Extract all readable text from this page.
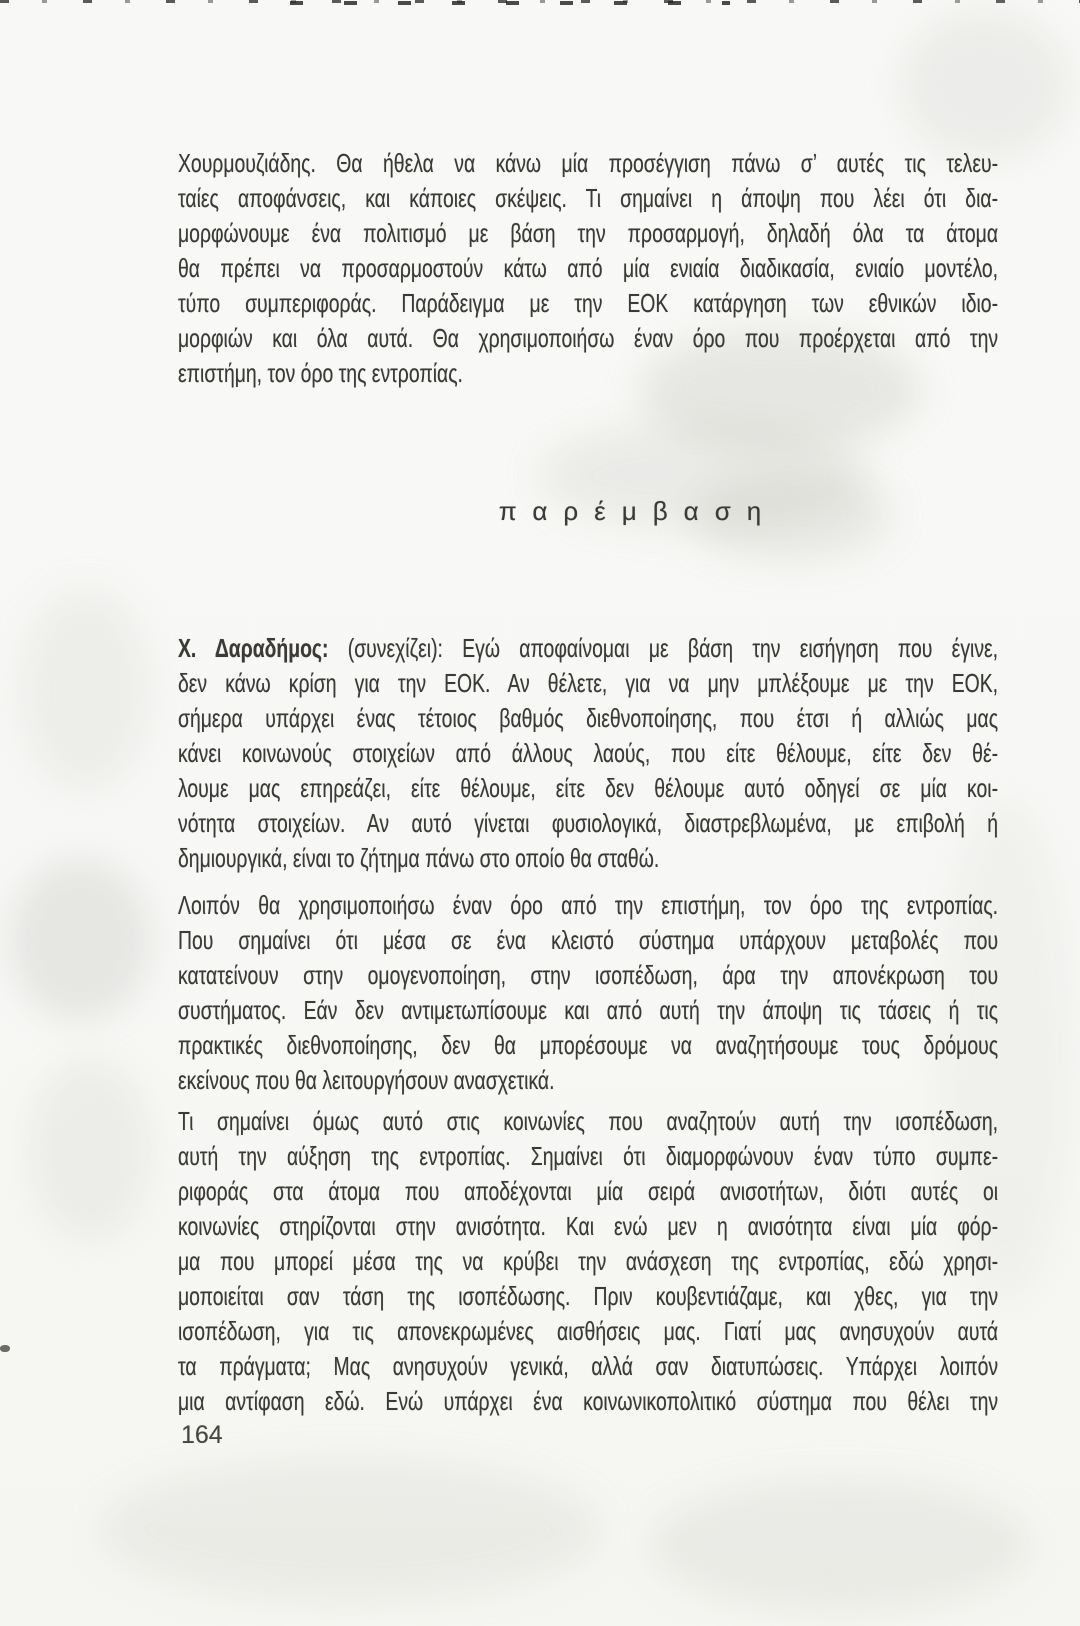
Χουρμουζιάδης. Θα ήθελα να κάνω μία προσέγγιση πάνω σ’ αυτές τις τελευ-
ταίες αποφάνσεις, και κάποιες σκέψεις. Τι σημαίνει η άποψη που λέει ότι δια-
μορφώνουμε ένα πολιτισμό με βάση την προσαρμογή, δηλαδή όλα τα άτομα
θα πρέπει να προσαρμοστούν κάτω από μία ενιαία διαδικασία, ενιαίο μοντέλο,
τύπο συμπεριφοράς. Παράδειγμα με την ΕΟΚ κατάργηση των εθνικών ιδιο-
μορφιών και όλα αυτά. Θα χρησιμοποιήσω έναν όρο που προέρχεται από την
επιστήμη, τον όρο της εντροπίας.
παρέμβαση
Χ. Δαραδήμος: (συνεχίζει): Εγώ αποφαίνομαι με βάση την εισήγηση που έγινε,
δεν κάνω κρίση για την ΕΟΚ. Αν θέλετε, για να μην μπλέξουμε με την ΕΟΚ,
σήμερα υπάρχει ένας τέτοιος βαθμός διεθνοποίησης, που έτσι ή αλλιώς μας
κάνει κοινωνούς στοιχείων από άλλους λαούς, που είτε θέλουμε, είτε δεν θέ-
λουμε μας επηρεάζει, είτε θέλουμε, είτε δεν θέλουμε αυτό οδηγεί σε μία κοι-
νότητα στοιχείων. Αν αυτό γίνεται φυσιολογικά, διαστρεβλωμένα, με επιβολή ή
δημιουργικά, είναι το ζήτημα πάνω στο οποίο θα σταθώ.
Λοιπόν θα χρησιμοποιήσω έναν όρο από την επιστήμη, τον όρο της εντροπίας.
Που σημαίνει ότι μέσα σε ένα κλειστό σύστημα υπάρχουν μεταβολές που
κατατείνουν στην ομογενοποίηση, στην ισοπέδωση, άρα την απονέκρωση του
συστήματος. Εάν δεν αντιμετωπίσουμε και από αυτή την άποψη τις τάσεις ή τις
πρακτικές διεθνοποίησης, δεν θα μπορέσουμε να αναζητήσουμε τους δρόμους
εκείνους που θα λειτουργήσουν ανασχετικά.
Τι σημαίνει όμως αυτό στις κοινωνίες που αναζητούν αυτή την ισοπέδωση,
αυτή την αύξηση της εντροπίας. Σημαίνει ότι διαμορφώνουν έναν τύπο συμπε-
ριφοράς στα άτομα που αποδέχονται μία σειρά ανισοτήτων, διότι αυτές οι
κοινωνίες στηρίζονται στην ανισότητα. Και ενώ μεν η ανισότητα είναι μία φόρ-
μα που μπορεί μέσα της να κρύβει την ανάσχεση της εντροπίας, εδώ χρησι-
μοποιείται σαν τάση της ισοπέδωσης. Πριν κουβεντιάζαμε, και χθες, για την
ισοπέδωση, για τις απονεκρωμένες αισθήσεις μας. Γιατί μας ανησυχούν αυτά
τα πράγματα; Μας ανησυχούν γενικά, αλλά σαν διατυπώσεις. Υπάρχει λοιπόν
μια αντίφαση εδώ. Ενώ υπάρχει ένα κοινωνικοπολιτικό σύστημα που θέλει την
164
